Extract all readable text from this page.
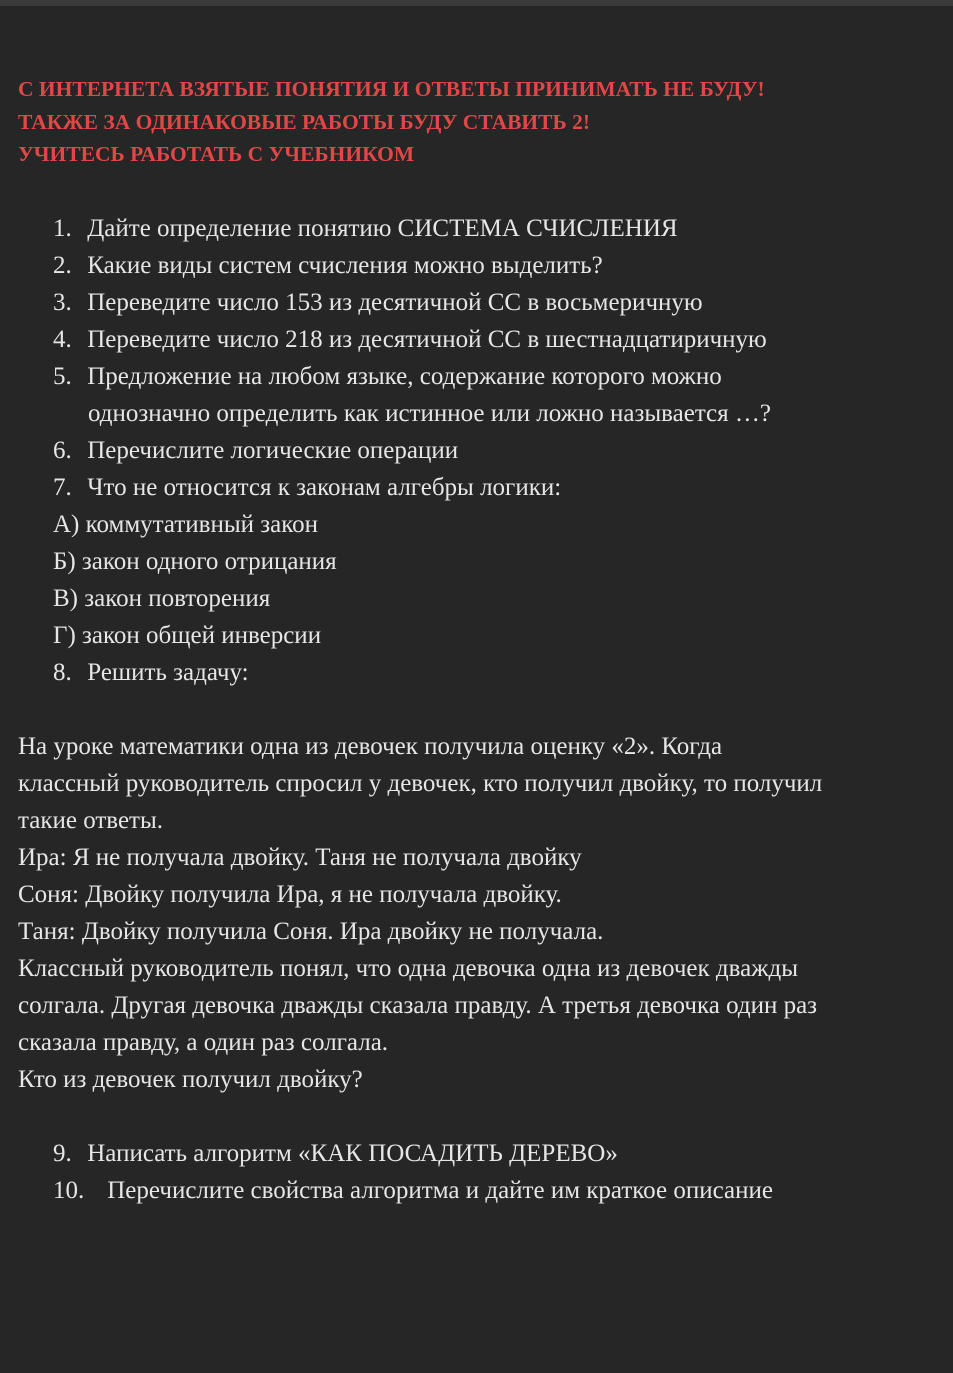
С ИНТЕРНЕТА ВЗЯТЫЕ ПОНЯТИЯ И ОТВЕТЫ ПРИНИМАТЬ НЕ БУДУ!
ТАКЖЕ ЗА ОДИНАКОВЫЕ РАБОТЫ БУДУ СТАВИТЬ 2!
УЧИТЕСЬ РАБОТАТЬ С УЧЕБНИКОМ
1. Дайте определение понятию СИСТЕМА СЧИСЛЕНИЯ
2. Какие виды систем счисления можно выделить?
3. Переведите число 153 из десятичной СС в восьмеричную
4. Переведите число 218 из десятичной СС в шестнадцатиричную
5. Предложение на любом языке, содержание которого можно
однозначно определить как истинное или ложно называется …?
6. Перечислите логические операции
7. Что не относится к законам алгебры логики:
А) коммутативный закон
Б) закон одного отрицания
В) закон повторения
Г) закон общей инверсии
8. Решить задачу:
На уроке математики одна из девочек получила оценку «2». Когда
классный руководитель спросил у девочек, кто получил двойку, то получил
такие ответы.
Ира: Я не получала двойку. Таня не получала двойку
Соня: Двойку получила Ира, я не получала двойку.
Таня: Двойку получила Соня. Ира двойку не получала.
Классный руководитель понял, что одна девочка одна из девочек дважды
солгала. Другая девочка дважды сказала правду. А третья девочка один раз
сказала правду, а один раз солгала.
Кто из девочек получил двойку?
9. Написать алгоритм «КАК ПОСАДИТЬ ДЕРЕВО»
10. Перечислите свойства алгоритма и дайте им краткое описание
